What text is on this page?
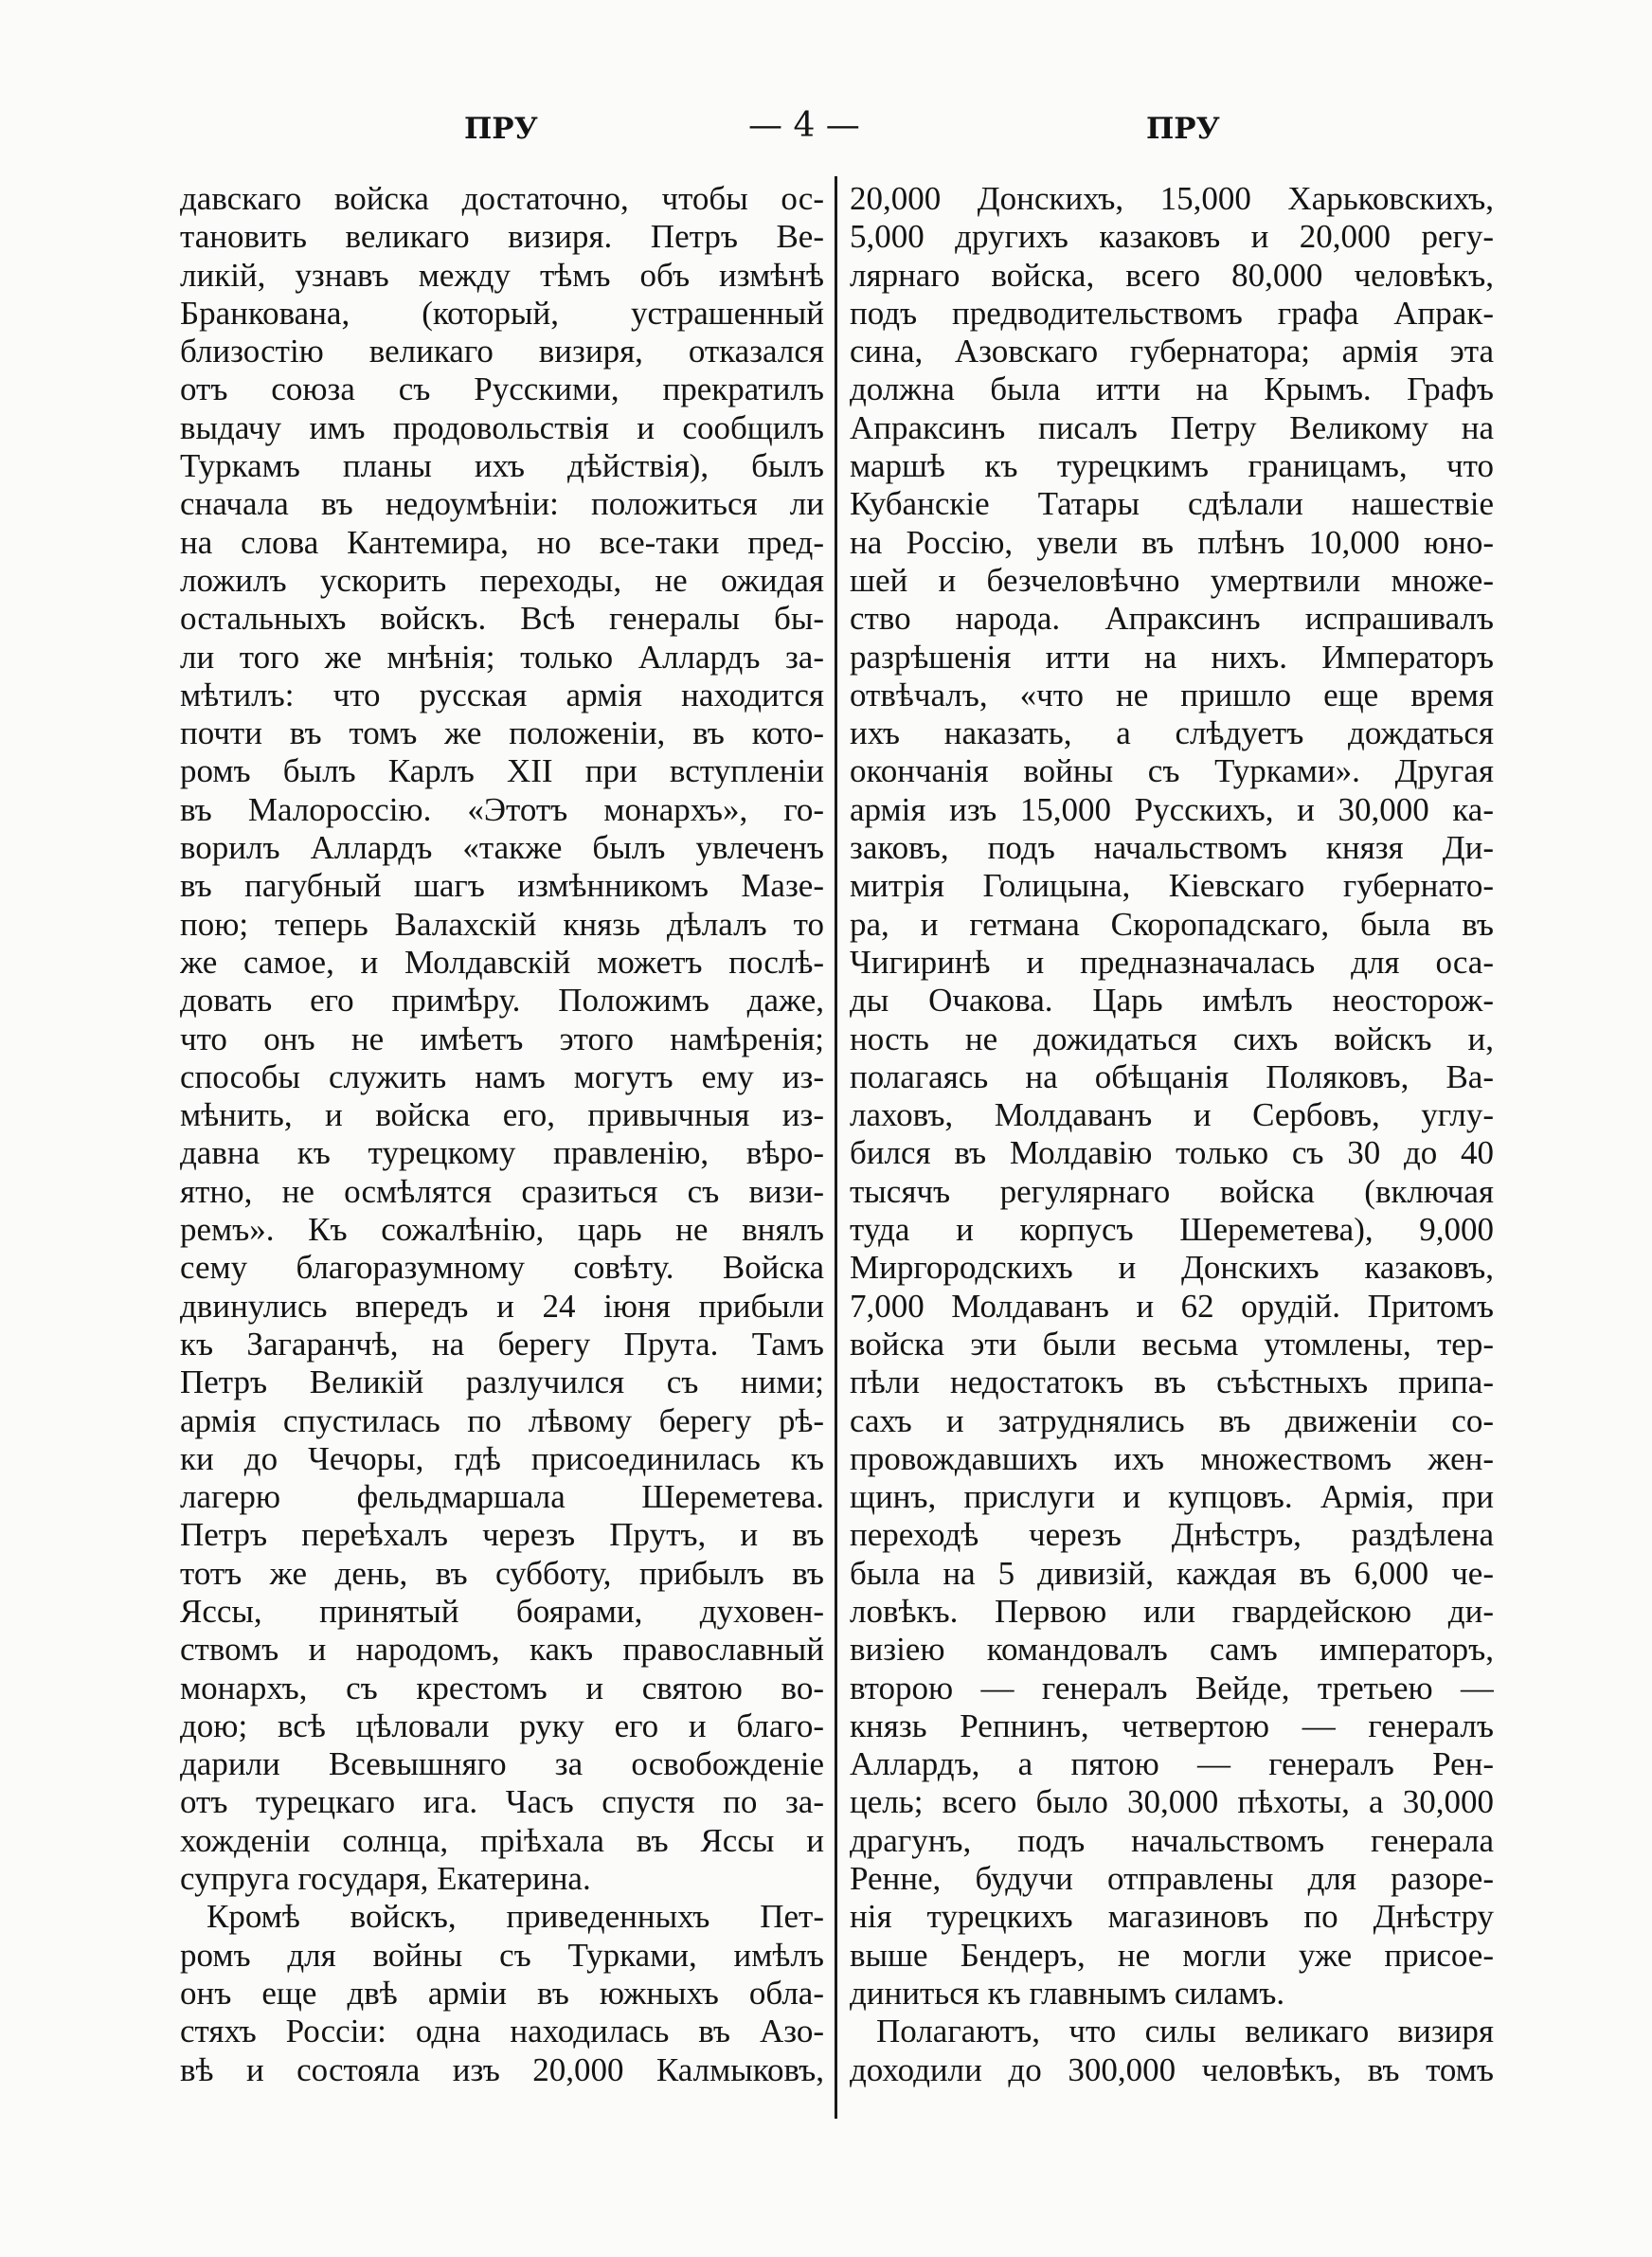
ПРУ	— 4 —	ПРУ
давскаго войска достаточно, чтобы ос-
тановить великаго визиря. Петръ Ве-
ликій, узнавъ между тѣмъ объ измѣнѣ
Бранкована, (который, устрашенный
близостію великаго визиря, отказался
отъ союза съ Русскими, прекратилъ
выдачу имъ продовольствія и сообщилъ
Туркамъ планы ихъ дѣйствія), былъ
сначала въ недоумѣніи: положиться ли
на слова Кантемира, но все-таки пред-
ложилъ ускорить переходы, не ожидая
остальныхъ войскъ. Всѣ генералы бы-
ли того же мнѣнія; только Аллардъ за-
мѣтилъ: что русская армія находится
почти въ томъ же положеніи, въ кото-
ромъ былъ Карлъ XII при вступленіи
въ Малороссію. «Этотъ монархъ», го-
ворилъ Аллардъ «также былъ увлеченъ
въ пагубный шагъ измѣнникомъ Мазе-
пою; теперь Валахскій князь дѣлалъ то
же самое, и Молдавскій можетъ послѣ-
довать его примѣру. Положимъ даже,
что онъ не имѣетъ этого намѣренія;
способы служить намъ могутъ ему из-
мѣнить, и войска его, привычныя из-
давна къ турецкому правленію, вѣро-
ятно, не осмѣлятся сразиться съ визи-
ремъ». Къ сожалѣнію, царь не внялъ
сему благоразумному совѣту. Войска
двинулись впередъ и 24 іюня прибыли
къ Загаранчѣ, на берегу Прута. Тамъ
Петръ Великій разлучился съ ними;
армія спустилась по лѣвому берегу рѣ-
ки до Чечоры, гдѣ присоединилась къ
лагерю фельдмаршала Шереметева.
Петръ переѣхалъ черезъ Прутъ, и въ
тотъ же день, въ субботу, прибылъ въ
Яссы, принятый боярами, духовен-
ствомъ и народомъ, какъ православный
монархъ, съ крестомъ и святою во-
дою; всѣ цѣловали руку его и благо-
дарили Всевышняго за освобожденіе
отъ турецкаго ига. Часъ спустя по за-
хожденіи солнца, пріѣхала въ Яссы и
супруга государя, Екатерина.
Кромѣ войскъ, приведенныхъ Пет-
ромъ для войны съ Турками, имѣлъ
онъ еще двѣ арміи въ южныхъ обла-
стяхъ Россіи: одна находилась въ Азо-
вѣ и состояла изъ 20,000 Калмыковъ,
20,000 Донскихъ, 15,000 Харьковскихъ,
5,000 другихъ казаковъ и 20,000 регу-
лярнаго войска, всего 80,000 человѣкъ,
подъ предводительствомъ графа Апрак-
сина, Азовскаго губернатора; армія эта
должна была итти на Крымъ. Графъ
Апраксинъ писалъ Петру Великому на
маршѣ къ турецкимъ границамъ, что
Кубанскіе Татары сдѣлали нашествіе
на Россію, увели въ плѣнъ 10,000 юно-
шей и безчеловѣчно умертвили множе-
ство народа. Апраксинъ испрашивалъ
разрѣшенія итти на нихъ. Императоръ
отвѣчалъ, «что не пришло еще время
ихъ наказать, а слѣдуетъ дождаться
окончанія войны съ Турками». Другая
армія изъ 15,000 Русскихъ, и 30,000 ка-
заковъ, подъ начальствомъ князя Ди-
митрія Голицына, Кіевскаго губернато-
ра, и гетмана Скоропадскаго, была въ
Чигиринѣ и предназначалась для оса-
ды Очакова. Царь имѣлъ неосторож-
ность не дожидаться сихъ войскъ и,
полагаясь на обѣщанія Поляковъ, Ва-
лаховъ, Молдаванъ и Сербовъ, углу-
бился въ Молдавію только съ 30 до 40
тысячъ регулярнаго войска (включая
туда и корпусъ Шереметева), 9,000
Миргородскихъ и Донскихъ казаковъ,
7,000 Молдаванъ и 62 орудій. Притомъ
войска эти были весьма утомлены, тер-
пѣли недостатокъ въ съѣстныхъ припа-
сахъ и затруднялись въ движеніи со-
провождавшихъ ихъ множествомъ жен-
щинъ, прислуги и купцовъ. Армія, при
переходѣ черезъ Днѣстръ, раздѣлена
была на 5 дивизій, каждая въ 6,000 че-
ловѣкъ. Первою или гвардейскою ди-
визіею командовалъ самъ императоръ,
второю — генералъ Вейде, третьею —
князь Репнинъ, четвертою — генералъ
Аллардъ, а пятою — генералъ Рен-
цель; всего было 30,000 пѣхоты, а 30,000
драгунъ, подъ начальствомъ генерала
Ренне, будучи отправлены для разоре-
нія турецкихъ магазиновъ по Днѣстру
выше Бендеръ, не могли уже присое-
диниться къ главнымъ силамъ.
Полагаютъ, что силы великаго визиря
доходили до 300,000 человѣкъ, въ томъ
